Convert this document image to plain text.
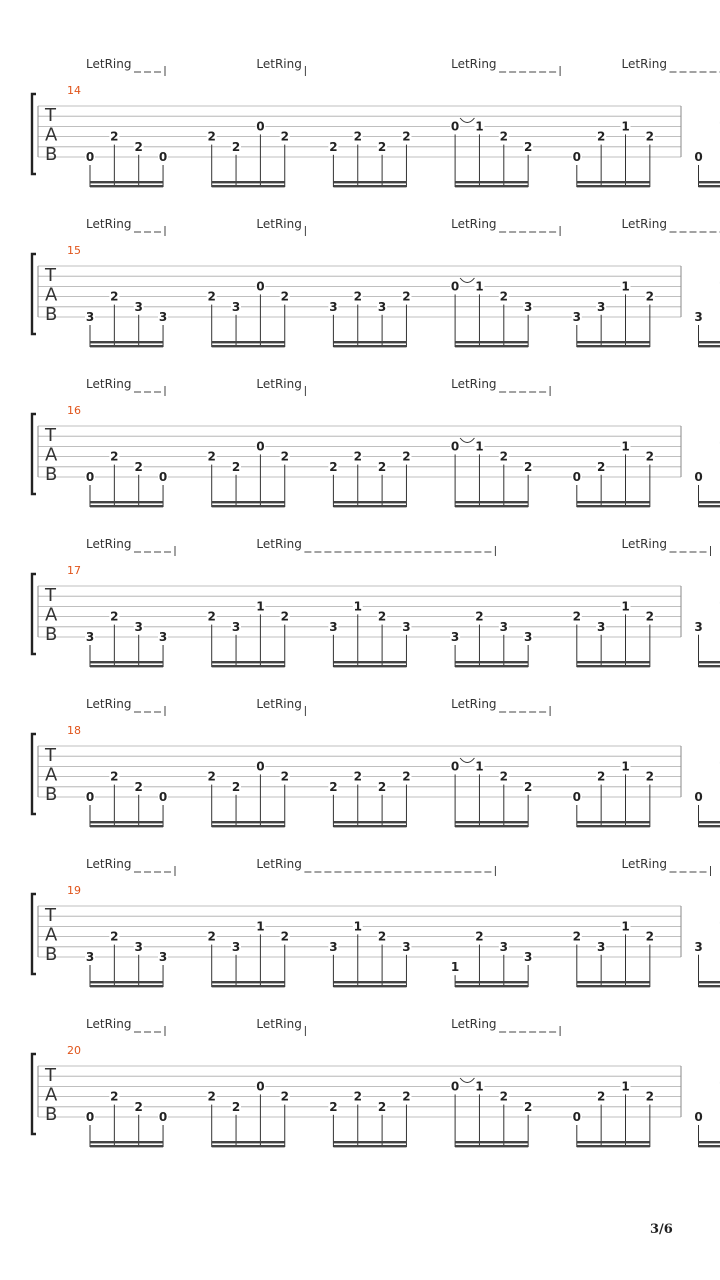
T
A
B
14
LetRing	LetRing	LetRing	LetRing
0
2
2
0
2
2
0
2
2
2
2
2
0 1
2
2
0
2
1
2
0
T
A
B
15
LetRing	LetRing	LetRing	LetRing
3
2
3
3
2
3
0
2
3
2
3
2
0 1
2
3
3
3
1
2
3
T
A
B
16
LetRing	LetRing	LetRing
0
2
2
0
2
2
0
2
2
2
2
2
0 1
2
2
0
2
1
2
0
T
A
B
17
LetRing	LetRing	LetRing
3
2
3
3
2
3
1
2
3
1
2
3
3
2
3
3
2
3
1
2
3
T
A
B
18
LetRing	LetRing	LetRing
0
2
2
0
2
2
0
2
2
2
2
2
0 1
2
2
0
2
1
2
0
T
A
B
19
LetRing	LetRing	LetRing
3
2
3
3
2
3
1
2
3
1
2
3
1
2
3
3
2
3
1
2
3
T
A
B
20
LetRing	LetRing	LetRing
0
2
2
0
2
2
0
2
2
2
2
2
0 1
2
2
0
2
1
2
0
3/6
